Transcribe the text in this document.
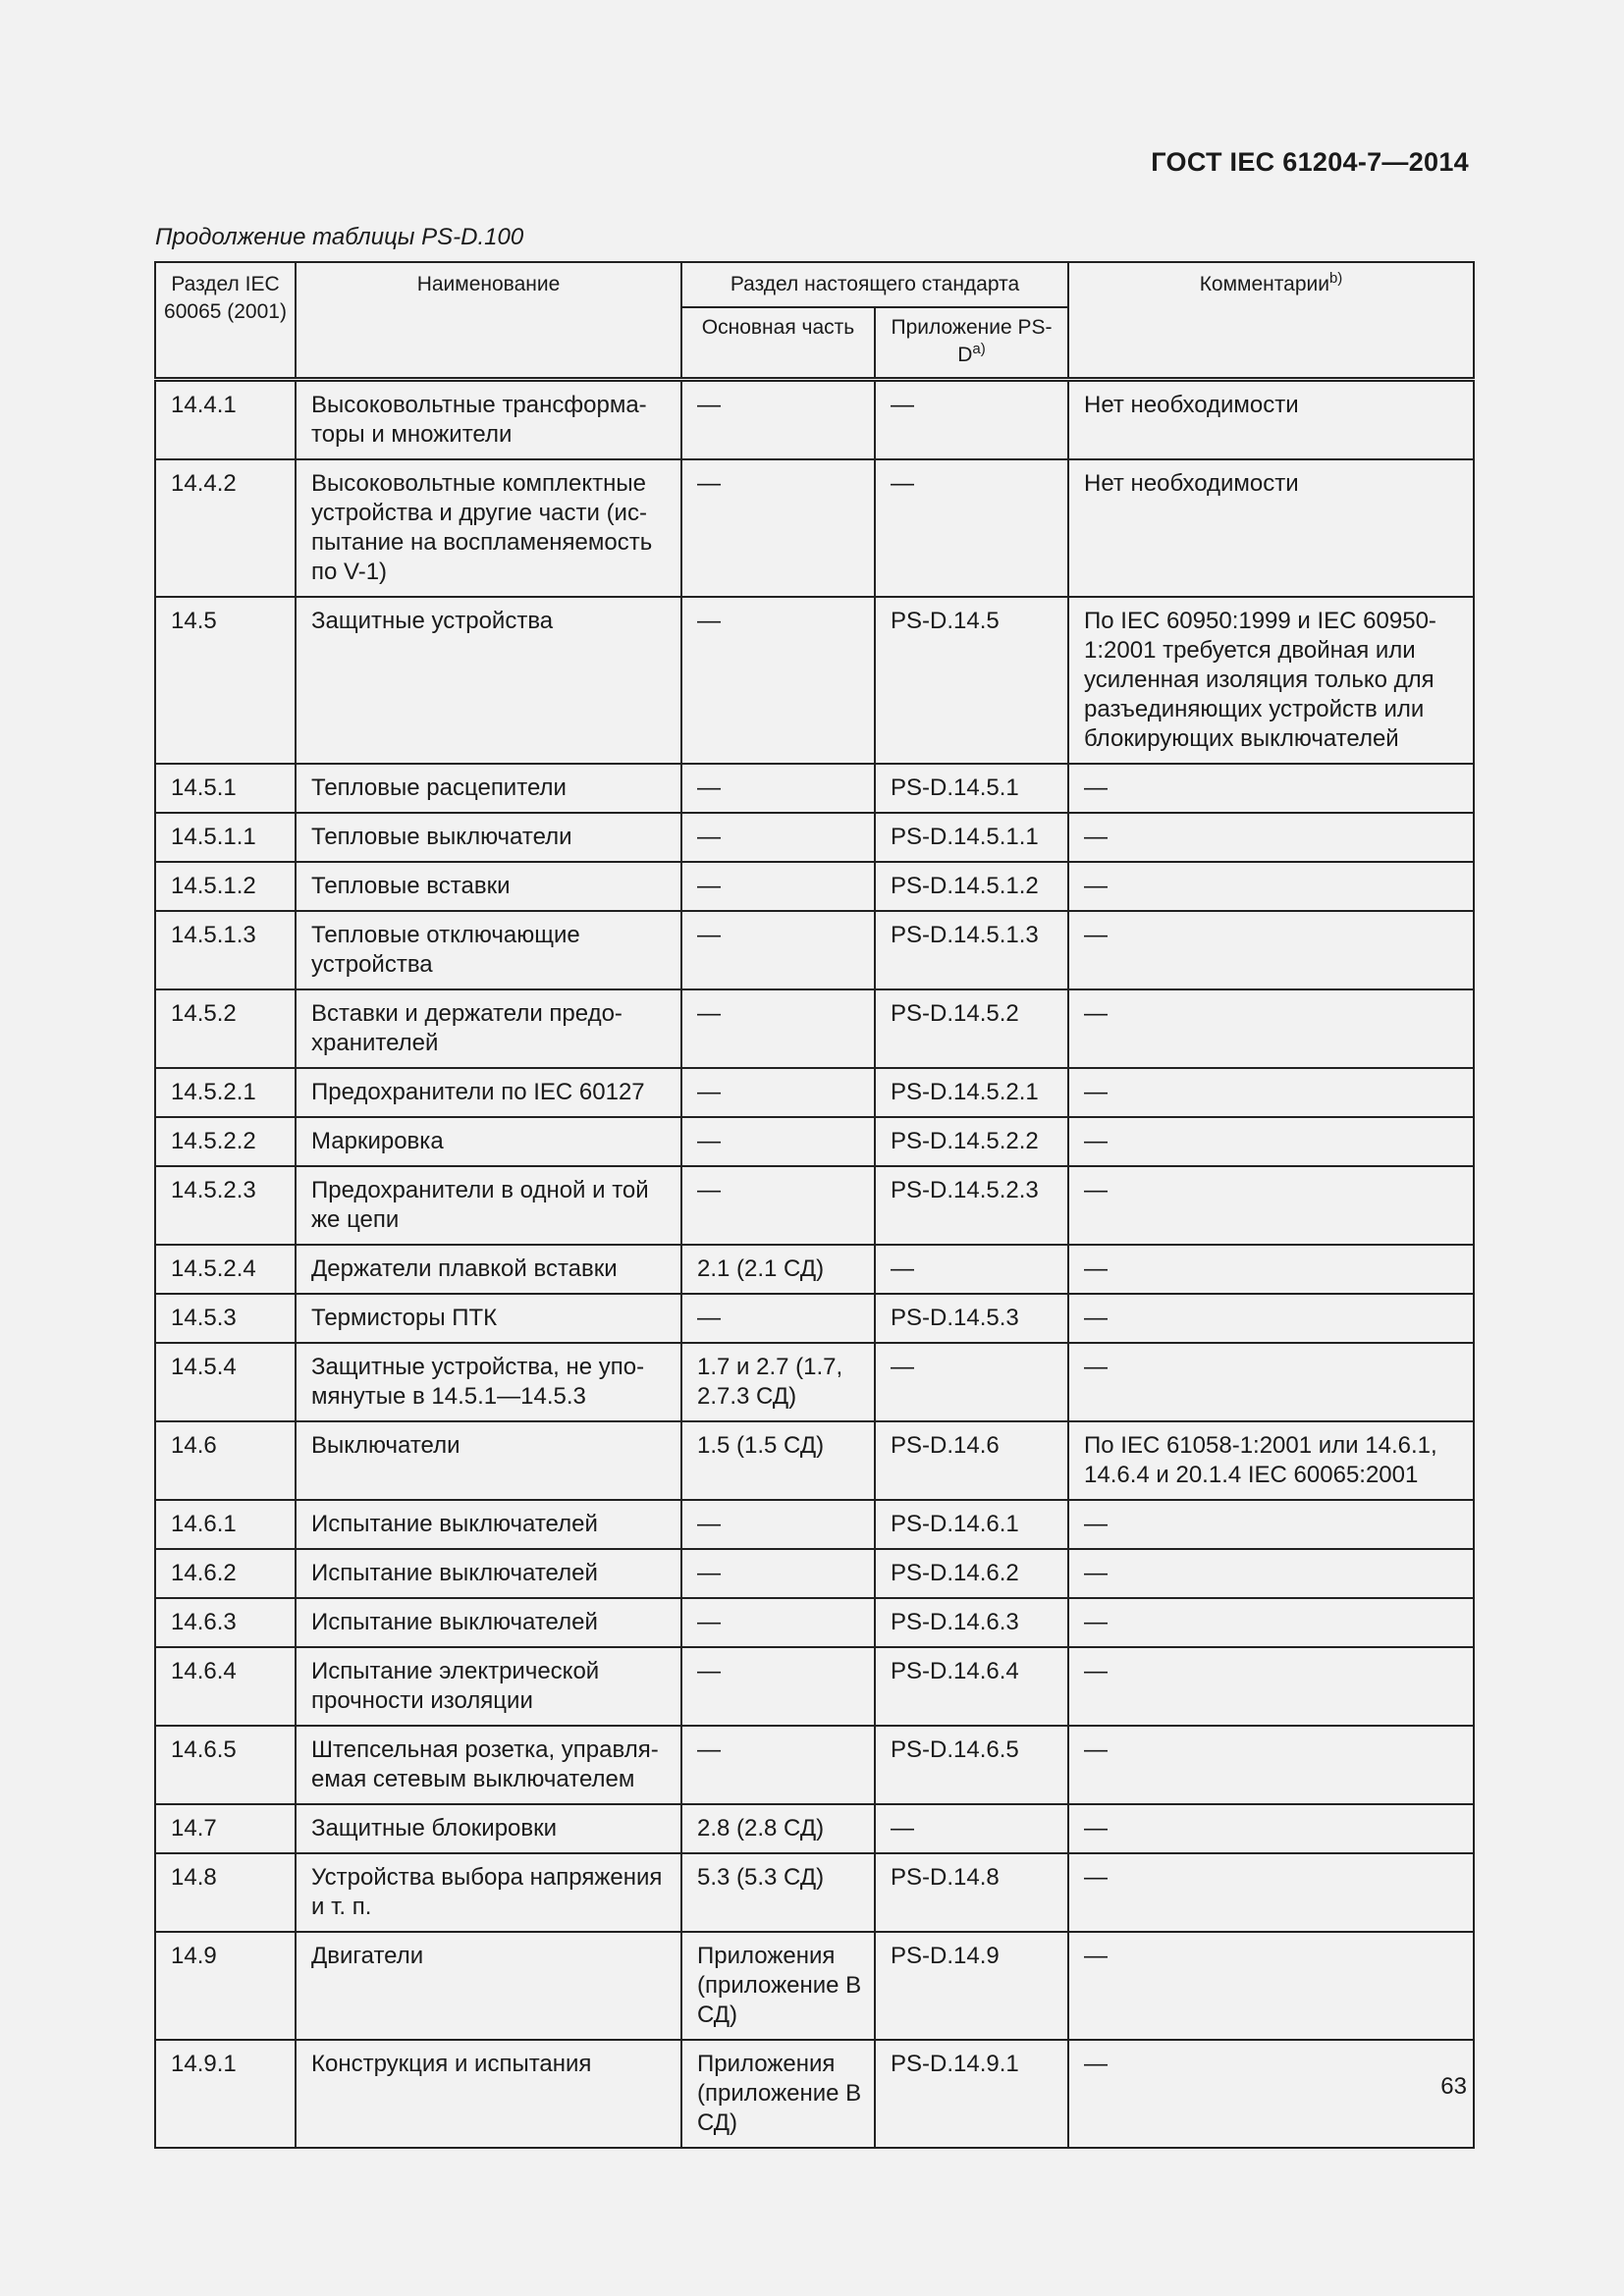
ГОСТ IEC 61204-7—2014
Продолжение таблицы PS-D.100
Раздел IEC 60065 (2001)	Наименование	Раздел настоящего стандарта		Комментарии$^{b)}$
		Основная часть	Приложение $PS-D^{a)}$
14.4.1	Высоковольтные трансформаторы и множители	—	—	Нет необходимости
14.4.2	Высоковольтные комплектные устройства и другие части (испытание на воспламеняемость по V-1)	—	—	Нет необходимости
14.5	Защитные устройства	—	PS-D.14.5	По IEC 60950:1999 и IEC 60950-1:2001 требуется двойная или усиленная изоляция только для разъединяющих устройств или блокирующих выключателей
14.5.1	Тепловые расцепители	—	PS-D.14.5.1	—
14.5.1.1	Тепловые выключатели	—	PS-D.14.5.1.1	—
14.5.1.2	Тепловые вставки	—	PS-D.14.5.1.2	—
14.5.1.3	Тепловые отключающие устройства	—	PS-D.14.5.1.3	—
14.5.2	Вставки и держатели предохранителей	—	PS-D.14.5.2	—
14.5.2.1	Предохранители по IEC 60127	—	PS-D.14.5.2.1	—
14.5.2.2	Маркировка	—	PS-D.14.5.2.2	—
14.5.2.3	Предохранители в одной и той же цепи	—	PS-D.14.5.2.3	—
14.5.2.4	Держатели плавкой вставки	2.1 (2.1 СД)	—	—
14.5.3	Термисторы ПТК	—	PS-D.14.5.3	—
14.5.4	Защитные устройства, не упомянутые в 14.5.1—14.5.3	1.7 и 2.7 (1.7, 2.7.3 СД)	—	—
14.6	Выключатели	1.5 (1.5 СД)	PS-D.14.6	По IEC 61058-1:2001 или 14.6.1, 14.6.4 и 20.1.4 IEC 60065:2001
14.6.1	Испытание выключателей	—	PS-D.14.6.1	—
14.6.2	Испытание выключателей	—	PS-D.14.6.2	—
14.6.3	Испытание выключателей	—	PS-D.14.6.3	—
14.6.4	Испытание электрической прочности изоляции	—	PS-D.14.6.4	—
14.6.5	Штепсельная розетка, управляемая сетевым выключателем	—	PS-D.14.6.5	—
14.7	Защитные блокировки	2.8 (2.8 СД)	—	—
14.8	Устройства выбора напряжения и т. п.	5.3 (5.3 СД)	PS-D.14.8	—
14.9	Двигатели	Приложения (приложение В СД)	PS-D.14.9	—
14.9.1	Конструкция и испытания	Приложения (приложение В СД)	PS-D.14.9.1	—
63
